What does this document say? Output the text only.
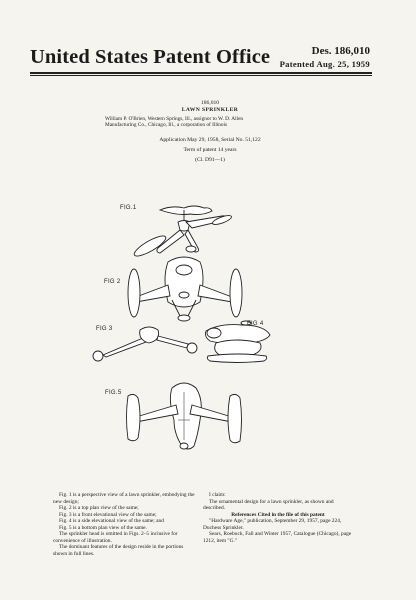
United States Patent Office	Des. 186,010
Patented Aug. 25, 1959
186,010
LAWN SPRINKLER
William P. O'Brien, Western Springs, Ill., assignor to W. D. Allen Manufacturing Co., Chicago, Ill., a corporation of Illinois
Application May 29, 1958, Serial No. 51,122
Term of patent 14 years
(Cl. D91—1)
FIG.1
FIG 2
FIG 3
FIG 4
FIG.5

Fig. 1 is a perspective view of a lawn sprinkler, embodying the new design;

Fig. 2 is a top plan view of the same;

Fig. 3 is a front elevational view of the same;

Fig. 4 is a side elevational view of the same; and

Fig. 5 is a bottom plan view of the same.

The sprinkler head is omitted in Figs. 2–5 inclusive for convenience of illustration.

The dominant features of the design reside in the portions shown in full lines.

I claim:

The ornamental design for a lawn sprinkler, as shown and described.

References Cited in the file of this patent

"Hardware Age," publication, September 29, 1957, page 224, Duchess Sprinkler.

Sears, Roebuck, Fall and Winter 1957, Catalogue (Chicago), page 1212, item "G."
